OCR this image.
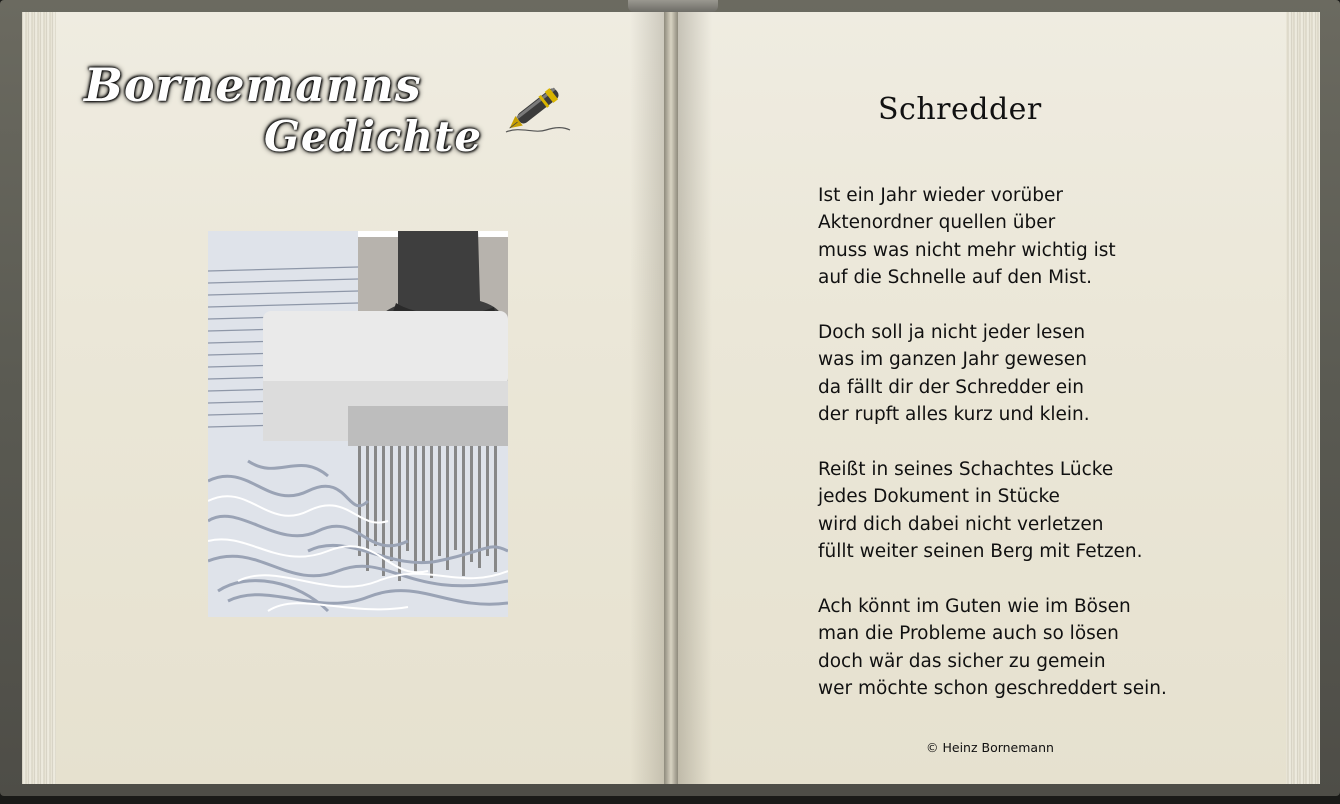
Bornemanns
Gedichte
Schredder
Ist ein Jahr wieder vorüber
Aktenordner quellen über
muss was nicht mehr wichtig ist
auf die Schnelle auf den Mist.
Doch soll ja nicht jeder lesen
was im ganzen Jahr gewesen
da fällt dir der Schredder ein
der rupft alles kurz und klein.
Reißt in seines Schachtes Lücke
jedes Dokument in Stücke
wird dich dabei nicht verletzen
füllt weiter seinen Berg mit Fetzen.
Ach könnt im Guten wie im Bösen
man die Probleme auch so lösen
doch wär das sicher zu gemein
wer möchte schon geschreddert sein.
© Heinz Bornemann
